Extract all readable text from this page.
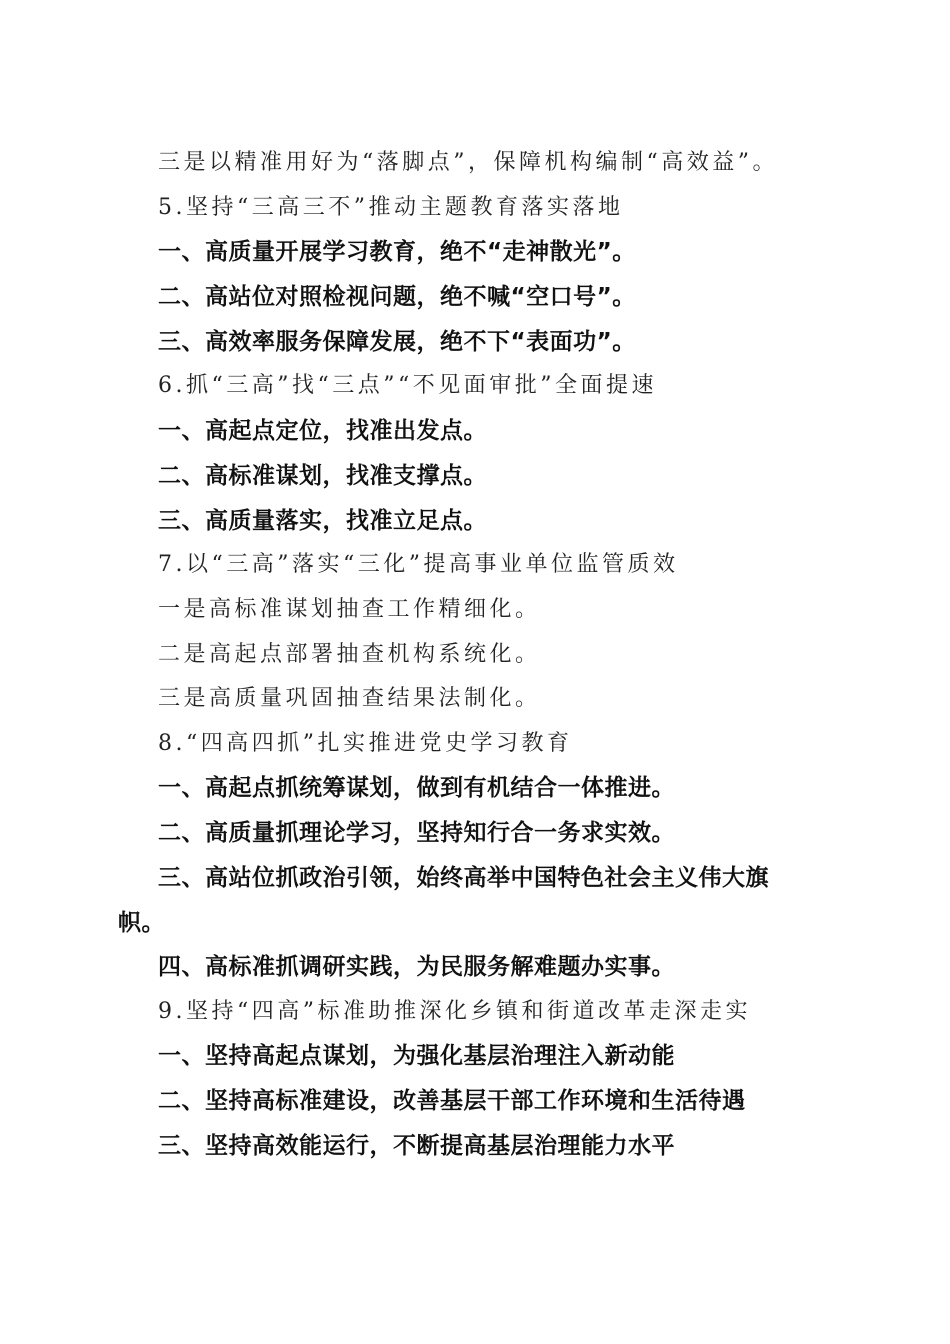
三是以精准用好为“落脚点”，保障机构编制“高效益”。
5.坚持“三高三不”推动主题教育落实落地
一、高质量开展学习教育，绝不“走神散光”。
二、高站位对照检视问题，绝不喊“空口号”。
三、高效率服务保障发展，绝不下“表面功”。
6.抓“三高”找“三点”“不见面审批”全面提速
一、高起点定位，找准出发点。
二、高标准谋划，找准支撑点。
三、高质量落实，找准立足点。
7.以“三高”落实“三化”提高事业单位监管质效
一是高标准谋划抽查工作精细化。
二是高起点部署抽查机构系统化。
三是高质量巩固抽查结果法制化。
8.“四高四抓”扎实推进党史学习教育
一、高起点抓统筹谋划，做到有机结合一体推进。
二、高质量抓理论学习，坚持知行合一务求实效。
三、高站位抓政治引领，始终高举中国特色社会主义伟大旗
帜。
四、高标准抓调研实践，为民服务解难题办实事。
9.坚持“四高”标准助推深化乡镇和街道改革走深走实
一、坚持高起点谋划，为强化基层治理注入新动能
二、坚持高标准建设，改善基层干部工作环境和生活待遇
三、坚持高效能运行，不断提高基层治理能力水平
